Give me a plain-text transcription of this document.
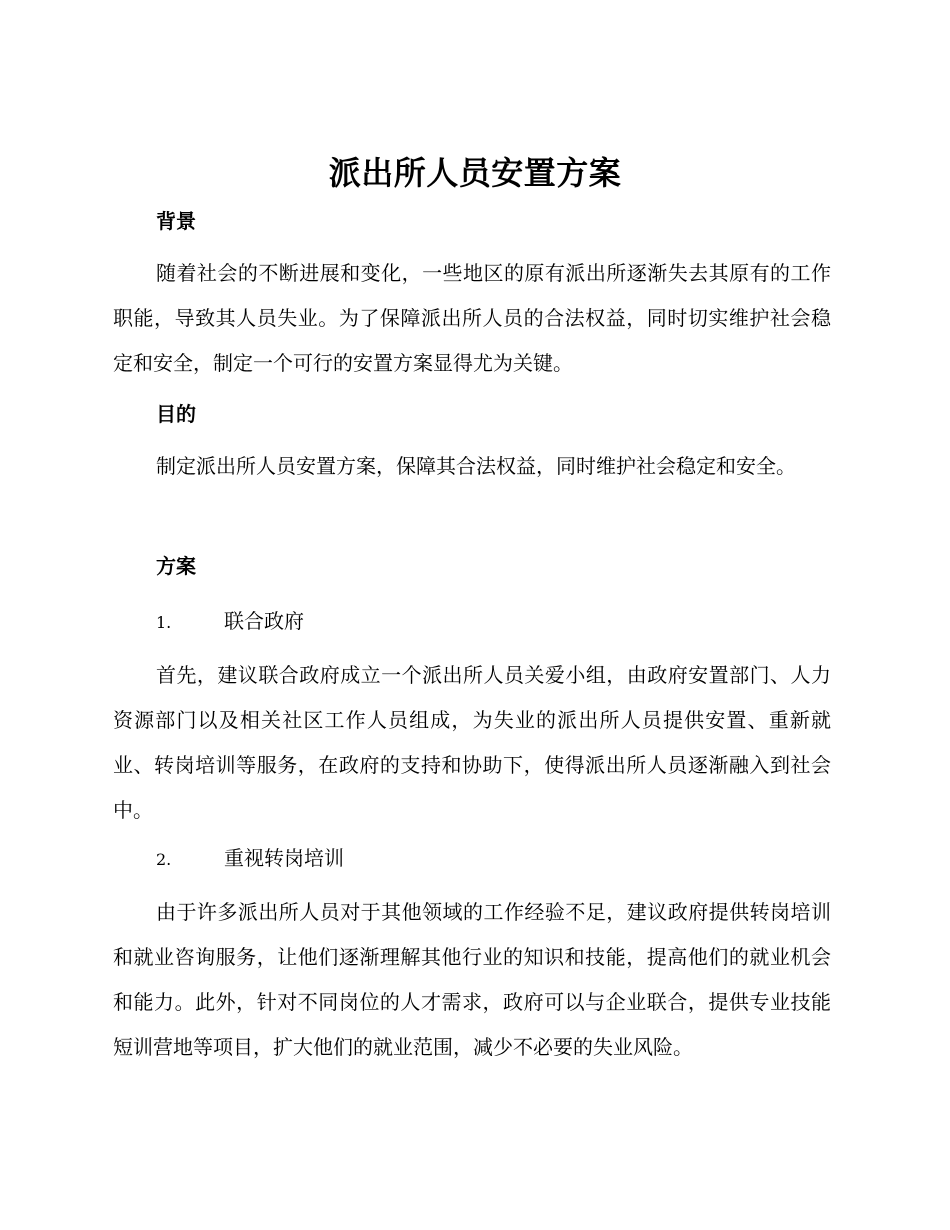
派出所人员安置方案
背景

随着社会的不断进展和变化，一些地区的原有派出所逐渐失去其原有的工作职能，导致其人员失业。为了保障派出所人员的合法权益，同时切实维护社会稳定和安全，制定一个可行的安置方案显得尤为关键。

目的

制定派出所人员安置方案，保障其合法权益，同时维护社会稳定和安全。

方案
1.	联合政府

首先，建议联合政府成立一个派出所人员关爱小组，由政府安置部门、人力资源部门以及相关社区工作人员组成，为失业的派出所人员提供安置、重新就业、转岗培训等服务，在政府的支持和协助下，使得派出所人员逐渐融入到社会中。

2.	重视转岗培训

由于许多派出所人员对于其他领域的工作经验不足，建议政府提供转岗培训和就业咨询服务，让他们逐渐理解其他行业的知识和技能，提高他们的就业机会和能力。此外，针对不同岗位的人才需求，政府可以与企业联合，提供专业技能短训营地等项目，扩大他们的就业范围，减少不必要的失业风险。
